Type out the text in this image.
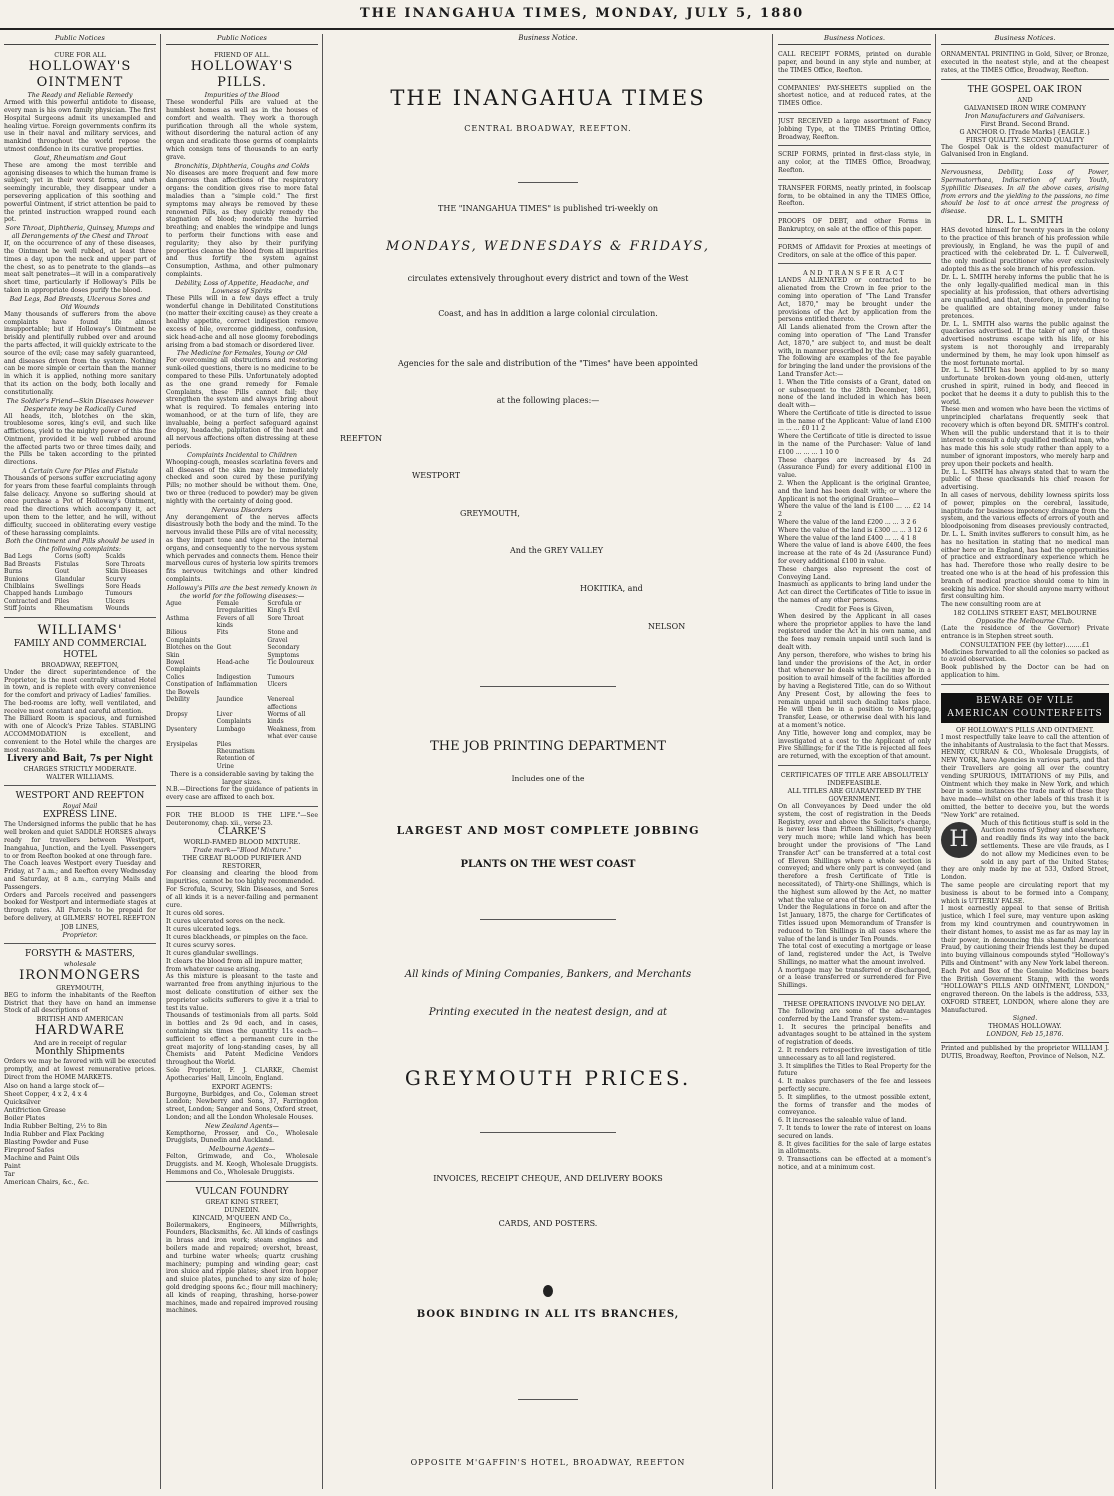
THE INANGAHUA TIMES, MONDAY, JULY 5, 1880
Public Notices
CURE FOR ALL
HOLLOWAY'S OINTMENT
The Ready and Reliable Remedy
Armed with this powerful antidote to disease, every man is his own family physician. The first Hospital Surgeons admit its unexampled and healing virtue. Foreign governments confirm its use in their naval and military services, and mankind throughout the world repose the utmost confidence in its curative properties.
Gout, Rheumatism and Gout
These are among the most terrible and agonising diseases to which the human frame is subject; yet in their worst forms, and when seemingly incurable, they disappear under a persevering application of this soothing and powerful Ointment, if strict attention be paid to the printed instruction wrapped round each pot.
Sore Throat, Diphtheria, Quinsey, Mumps and all Derangements of the Chest and Throat
If, on the occurrence of any of these diseases, the Ointment be well rubbed, at least three times a day, upon the neck and upper part of the chest, so as to penetrate to the glands—as meat salt penetrates—it will in a comparatively short time, particularly if Holloway's Pills be taken in appropriate doses purify the blood.
Bad Legs, Bad Breasts, Ulcerous Sores and Old Wounds
Many thousands of sufferers from the above complaints have found life almost insupportable; but if Holloway's Ointment be briskly and plentifully rubbed over and around the parts affected, it will quickly extricate to the source of the evil; case may safely guaranteed, and diseases driven from the system. Nothing can be more simple or certain than the manner in which it is applied, nothing more sanitary that its action on the body, both locally and constitutionally.
The Soldier's Friend—Skin Diseases however Desperate may be Radically Cured
All heads, itch, blotches on the skin, troublesome sores, king's evil, and such like afflictions, yield to the mighty power of this fine Ointment, provided it be well rubbed around the affected parts two or three times daily, and the Pills be taken according to the printed directions.
A Certain Cure for Piles and Fistula
Thousands of persons suffer excruciating agony for years from these fearful complaints through false delicacy. Anyone so suffering should at once purchase a Pot of Holloway's Ointment, read the directions which accompany it, act upon them to the letter, and he will, without difficulty, succeed in obliterating every vestige of these harassing complaints.
Both the Ointment and Pills should be used in the following complaints:
Bad Legs	Corns (soft)	Scalds
Bad Breasts	Fistulas	Sore Throats
Burns	Gout	Skin Diseases
Bunions	Glandular	Scurvy
Chilblains	Swellings	Sore Heads
Chapped hands Lumbago	Tumours
Contracted and Piles	Ulcers
Stiff Joints	Rheumatism	Wounds
WILLIAMS'
FAMILY AND COMMERCIAL HOTEL
BROADWAY, REEFTON,
Under the direct superintendence of the Proprietor, is the most centrally situated Hotel in town, and is replete with every convenience for the comfort and privacy of Ladies' families.
The bed-rooms are lofty, well ventilated, and receive most constant and careful attention.
The Billiard Room is spacious, and furnished with one of Alcock's Prize Tables. STABLING ACCOMMODATION is excellent, and convenient to the Hotel while the charges are most reasonable.
Livery and Bait, 7s per Night
CHARGES STRICTLY MODERATE.
WALTER WILLIAMS.
WESTPORT AND REEFTON
Royal Mail
EXPRESS LINE.
The Undersigned informs the public that he has well broken and quiet SADDLE HORSES always ready for travellers between Westport, Inangahua, Junction, and the Lyell. Passengers to or from Reefton booked at one through fare.
The Coach leaves Westport every Tuesday and Friday, at 7 a.m.; and Reefton every Wednesday and Saturday, at 8 a.m., carrying Mails and Passengers.
Orders and Parcels received and passengers booked for Westport and intermediate stages at through rates. All Parcels to be prepaid for before delivery, at GILMERS' HOTEL REEFTON
JOB LINES,
Proprietor.
FORSYTH & MASTERS,
wholesale
IRONMONGERS
GREYMOUTH,
BEG to inform the inhabitants of the Reefton District that they have on hand an immense Stock of all descriptions of
BRITISH AND AMERICAN
HARDWARE
And are in receipt of regular
Monthly Shipments
Orders we may be favored with will be executed promptly, and at lowest remunerative prices. Direct from the HOME MARKETS.
Also on hand a large stock of—
Sheet Copper, 4 x 2, 4 x 4
Quicksilver
Antifriction Grease
Boiler Plates
India Rubber Belting, 2½ to 8in
India Rubber and Flax Packing
Blasting Powder and Fuse
Fireproof Safes
Machine and Paint Oils
Paint
Tar
American Chairs, &c., &c.
Public Notices
FRIEND OF ALL.
HOLLOWAY'S PILLS.
Impurities of the Blood
These wonderful Pills are valued at the humblest homes as well as in the houses of comfort and wealth. They work a thorough purification through all the whole system, without disordering the natural action of any organ and eradicate those germs of complaints which consign tens of thousands to an early grave.
Bronchitis, Diphtheria, Coughs and Colds
No diseases are more frequent and few more dangerous than affections of the respiratory organs: the condition gives rise to more fatal maladies than a "simple cold." The first symptoms may always be removed by these renowned Pills, as they quickly remedy the stagnation of blood; moderate the hurried breathing; and enables the windpipe and lungs to perform their functions with ease and regularity; they also by their purifying properties cleanse the blood from all impurities and thus fortify the system against Consumption, Asthma, and other pulmonary complaints.
Debility, Loss of Appetite, Headache, and Lowness of Spirits
These Pills will in a few days effect a truly wonderful change in Debilitated Constitutions (no matter their exciting cause) as they create a healthy appetite, correct indigestion remove excess of bile, overcome giddiness, confusion, sick head-ache and all nose gloomy forebodings arising from a bad stomach or disordered liver.
The Medicine for Females, Young or Old
For overcoming all obstructions and restoring sunk-oiled questions, there is no medicine to be compared to these Pills. Unfortunately adopted as the one grand remedy for Female Complaints, these Pills cannot fail; they strengthen the system and always bring about what is required. To females entering into womanhood, or at the turn of life, they are invaluable, being a perfect safeguard against dropsy, headache, palpitation of the heart and all nervous affections often distressing at these periods.
Complaints Incidental to Children
Whooping-cough, measles scarlatina fevers and all diseases of the skin may be immediately checked and soon cured by these purifying Pills; no mother should be without them. One, two or three (reduced to powder) may be given nightly with the certainty of doing good.
Nervous Disorders
Any derangement of the nerves affects disastrously both the body and the mind. To the nervous invalid these Pills are of vital necessity, as they impart tone and vigor to the internal organs, and consequently to the nervous system which pervades and connects them. Hence their marvellous cures of hysteria low spirits tremors fits nervous twitchings and other kindred complaints.
Holloway's Pills are the best remedy known in the world for the following diseases:—
Ague	Female Irregularities
Scrofula or King's Evil
Asthma	Fevers of all kinds
Sore Throat
Bilious Complaints
Fits	Stone and Gravel
Blotches on the Skin
Gout	Secondary Symptoms
Bowel Complaints
Head-ache	Tic Douloureux
Colics	Indigestion	Tumours
Constipation of the Bowels
Inflammation	Ulcers
Debility	Jaundice	Venereal affections
Dropsy	Liver Complaints
Worms of all kinds
Dysentery	Lumbago	Weakness, from what ever cause
Erysipelas	Piles
Rheumatism
Retention of Urine
There is a considerable saving by taking the larger sizes.
N.B.—Directions for the guidance of patients in every case are affixed to each box.
FOR THE BLOOD IS THE LIFE."—See Deuteronomy, chap. xii., verse 23.
CLARKE'S
WORLD-FAMED BLOOD MIXTURE.
Trade mark—"Blood Mixture."
THE GREAT BLOOD PURIFIER AND RESTORER,
For cleansing and clearing the blood from impurities, cannot be too highly recommended.
For Scrofula, Scurvy, Skin Diseases, and Sores of all kinds it is a never-failing and permanent cure.
It cures old sores.
It cures ulcerated sores on the neck.
It cures ulcerated legs.
It cures blackheads, or pimples on the face.
It cures scurvy sores.
It cures glandular swellings.
It clears the blood from all impure matter, from whatever cause arising.
As this mixture is pleasant to the taste and warranted free from anything injurious to the most delicate constitution of either sex the proprietor solicits sufferers to give it a trial to test its value.
Thousands of testimonials from all parts. Sold in bottles and 2s 9d each, and in cases, containing six times the quantity 11s each—sufficient to effect a permanent cure in the great majority of long-standing cases, by all Chemists and Patent Medicine Vendors throughout the World.
Sole Proprietor, F. J. CLARKE, Chemist Apothecaries' Hall, Lincoln, England.
EXPORT AGENTS:
Burgoyne, Burbidges, and Co., Coleman street London; Newberry and Sons, 37, Farringdon street, London; Sanger and Sons, Oxford street, London; and all the London Wholesale Houses.
New Zealand Agents—
Kempthorne, Prosser, and Co., Wholesale Druggists, Dunedin and Auckland.
Melbourne Agents—
Felton, Grimwade, and Co., Wholesale Druggists. and M. Keogh, Wholesale Druggists. Hemmons and Co., Wholesale Druggists.
VULCAN FOUNDRY
GREAT KING STREET,
DUNEDIN.
KINCAID, M'QUEEN AND Co.,
Boilermakers, Engineers, Millwrights, Founders, Blacksmiths, &c. All kinds of castings in brass and iron work; steam engines and boilers made and repaired; overshot, breast, and turbine water wheels; quartz crushing machinery; pumping and winding gear; cast iron sluice and ripple plates; sheet iron hopper and sluice plates, punched to any size of hole; gold dredging spoons &c.; flour mill machinery; all kinds of reaping, thrashing, horse-power machines, made and repaired improved rousing machines.
Business Notice.
THE INANGAHUA TIMES
CENTRAL BROADWAY, REEFTON.
THE "INANGAHUA TIMES" is published tri-weekly on
MONDAYS, WEDNESDAYS & FRIDAYS,
circulates extensively throughout every district and town of the West
Coast, and has in addition a large colonial circulation.
Agencies for the sale and distribution of the "Times" have been appointed
at the following places:—
REEFTON
WESTPORT
GREYMOUTH,
And the GREY VALLEY
HOKITIKA, and
NELSON
THE JOB PRINTING DEPARTMENT
Includes one of the
LARGEST AND MOST COMPLETE JOBBING
PLANTS ON THE WEST COAST
All kinds of Mining Companies, Bankers, and Merchants
Printing executed in the neatest design, and at
GREYMOUTH PRICES.
INVOICES, RECEIPT CHEQUE, AND DELIVERY BOOKS
CARDS, AND POSTERS.
BOOK BINDING IN ALL ITS BRANCHES,
OPPOSITE M'GAFFIN'S HOTEL, BROADWAY, REEFTON
Business Notices.
CALL RECEIPT FORMS, printed on durable paper, and bound in any style and number, at the TIMES Office, Reefton.
COMPANIES' PAY-SHEETS supplied on the shortest notice, and at reduced rates, at the TIMES Office.
JUST RECEIVED a large assortment of Fancy Jobbing Type, at the TIMES Printing Office, Broadway, Reefton.
SCRIP FORMS, printed in first-class style, in any color, at the TIMES Office, Broadway, Reefton.
TRANSFER FORMS, neatly printed, in foolscap form, to be obtained in any the TIMES Office, Reefton.
PROOFS OF DEBT, and other Forms in Bankruptcy, on sale at the office of this paper.
FORMS of Affidavit for Proxies at meetings of Creditors, on sale at the office of this paper.
AND TRANSFER ACT
LANDS ALIENATED or contracted to be alienated from the Crown in fee prior to the coming into operation of "The Land Transfer Act, 1870," may be brought under the provisions of the Act by application from the persons entitled thereto.
All Lands alienated from the Crown after the coming into operation of "The Land Transfer Act, 1870," are subject to, and must be dealt with, in manner prescribed by the Act.
The following are examples of the fee payable for bringing the land under the provisions of the Land Transfer Act:—
1. When the Title consists of a Grant, dated on or subsequent to the 28th December, 1861, none of the land included in which has been dealt with—
Where the Certificate of title is directed to issue in the name of the Applicant: Value of land £100 ... ... ... £0 11 2
Where the Certificate of title is directed to issue in the name of the Purchaser: Value of land £100 ... ... ... 1 10 0
These charges are increased by 4s 2d (Assurance Fund) for every additional £100 in value.
2. When the Applicant is the original Grantee, and the land has been dealt with; or where the Applicant is not the original Grantee—
Where the value of the land is £100 ... ... £2 14 2
Where the value of the land £200 ... ... 3 2 6
Where the value of the land is £300 ... ... 3 12 6
Where the value of the land £400 ... ... 4 1 8
Where the value of land is above £400, the fees increase at the rate of 4s 2d (Assurance Fund) for every additional £100 in value.
These charges also represent the cost of Conveying Land.
Inasmuch as applicants to bring land under the Act can direct the Certificates of Title to issue in the names of any other persons.
Credit for Fees is Given,
When desired by the Applicant in all cases where the proprietor applies to have the land registered under the Act in his own name, and the fees may remain unpaid until such land is dealt with.
Any person, therefore, who wishes to bring his land under the provisions of the Act, in order that whenever he deals with it he may be in a position to avail himself of the facilities afforded by having a Registered Title, can do so Without Any Present Cost, by allowing the fees to remain unpaid until such dealing takes place. He will then be in a position to Mortgage, Transfer, Lease, or otherwise deal with his land at a moment's notice.
Any Title, however long and complex, may be investigated at a cost to the Applicant of only Five Shillings; for if the Title is rejected all fees are returned, with the exception of that amount.
CERTIFICATES OF TITLE ARE ABSOLUTELY INDEFEASIBLE.
ALL TITLES ARE GUARANTEED BY THE GOVERNMENT.
On all Conveyances by Deed under the old system, the cost of registration in the Deeds Registry, over and above the Solicitor's charge, is never less than Fifteen Shillings, frequently very much more; while land which has been brought under the provisions of "The Land Transfer Act" can be transferred at a total cost of Eleven Shillings where a whole section is conveyed; and where only part is conveyed (and therefore a fresh Certificate of Title is necessitated), of Thirty-one Shillings, which is the highest sum allowed by the Act, no matter what the value or area of the land.
Under the Regulations in force on and after the 1st January, 1875, the charge for Certificates of Titles issued upon Memorandum of Transfer is reduced to Ten Shillings in all cases where the value of the land is under Ten Pounds.
The total cost of executing a mortgage or lease of land, registered under the Act, is Twelve Shillings, no matter what the amount involved.
A mortgage may be transferred or discharged, or a lease transferred or surrendered for Five Shillings.
THESE OPERATIONS INVOLVE NO DELAY.
The following are some of the advantages conferred by the Land Transfer system:—
1. It secures the principal benefits and advantages sought to be attained in the system of registration of deeds.
2. It renders retrospective investigation of title unnecessary as to all land registered.
3. It simplifies the Titles to Real Property for the future
4. It makes purchasers of the fee and lessees perfectly secure.
5. It simplifies, to the utmost possible extent, the forms of transfer and the modes of conveyance.
6. It increases the saleable value of land.
7. It tends to lower the rate of interest on loans secured on lands.
8. It gives facilities for the sale of large estates in allotments.
9. Transactions can be effected at a moment's notice, and at a minimum cost.
Business Notices.
ORNAMENTAL PRINTING in Gold, Silver, or Bronze, executed in the neatest style, and at the cheapest rates, at the TIMES Office, Broadway, Reefton.
THE GOSPEL OAK IRON
AND
GALVANISED IRON WIRE COMPANY
Iron Manufacturers and Galvanisers.
First Brand. Second Brand.
G ANCHOR O. [Trade Marks] {EAGLE.}
FIRST QUALITY. SECOND QUALITY
The Gospel Oak is the oldest manufacturer of Galvanised Iron in England.
Nervousness, Debility, Loss of Power, Spermatorrhœa, Indiscretion of early Youth, Syphilitic Diseases. In all the above cases, arising from errors and the yielding to the passions, no time should be lost to at once arrest the progress of disease.
DR. L. L. SMITH
HAS devoted himself for twenty years in the colony to the practice of this branch of his profession while previously, in England, he was the pupil of and practiced with the celebrated Dr. L. T. Culverwell, the only medical practitioner who ever exclusively adopted this as the sole branch of his profession.
Dr. L. L. SMITH hereby informs the public that he is the only legally-qualified medical man in this speciality at his profession, that others advertising are unqualified, and that, therefore, in pretending to be qualified are obtaining money under false pretences.
Dr. L. L. SMITH also warns the public against the quackeries advertised. If the taker of any of these advertised nostrums escape with his life, or his system is not thoroughly and irreparably undermined by them, he may look upon himself as the most fortunate mortal.
Dr. L. L. SMITH has been applied to by so many unfortunate broken-down young old-men, utterly crushed in spirit, ruined in body, and fleeced in pocket that he deems it a duty to publish this to the world.
These men and women who have been the victims of unprincipled charlatans frequently seek that recovery which is often beyond DR. SMITH's control. When will the public understand that it is to their interest to consult a duly qualified medical man, who has made this his sole study rather than apply to a number of ignorant impostors, who merely harp and prey upon their pockets and health.
Dr. L. L. SMITH has always stated that to warn the public of these quacksands his chief reason for advertising.
In all cases of nervous, debility lowness spirits loss of power, pimples on the cerebral, lassitude, inaptitude for business impotency drainage from the system, and the various effects of errors of youth and bloodpoisoning from diseases previously contracted, Dr. L. L. Smith invites sufferers to consult him, as he has no hesitation in stating that no medical man either here or in England, has had the opportunities of practice and extraordinary experience which he has had. Therefore those who really desire to be treated one who is at the head of his profession this branch of medical practice should come to him in seeking his advice. Nor should anyone marry without first consulting him.
The new consulting room are at
182 COLLINS STREET EAST, MELBOURNE
Opposite the Melbourne Club.
(Late the residence of the Governor) Private entrance is in Stephen street south.
CONSULTATION FEE (by letter)........£1
Medicines forwarded to all the colonies so packed as to avoid observation.
Book published by the Doctor can be had on application to him.
BEWARE OF VILE
AMERICAN COUNTERFEITS
OF HOLLOWAY'S PILLS AND OINTMENT.
I most respectfully take leave to call the attention of the inhabitants of Australasia to the fact that Messrs. HENRY, CURRAN & CO., Wholesale Druggists, of NEW YORK, have Agencies in various parts, and that their Travellers are going all over the country vending SPURIOUS, IMITATIONS of my Pills, and Ointment which they make in New York, and which bear in some instances the trade mark of these they have made—whilst on other labels of this trash it is omitted, the better to deceive you, but the words "New York" are retained.
H
Much of this fictitious stuff is sold in the Auction rooms of Sydney and elsewhere, and readily finds its way into the back settlements. These are vile frauds, as I do not allow my Medicines even to be sold in any part of the United States; they are only made by me at 533, Oxford Street, London.
The same people are circulating report that my business is about to be formed into a Company, which is UTTERLY FALSE.
I most earnestly appeal to that sense of British justice, which I feel sure, may venture upon asking from my kind countrymen and countrywomen in their distant homes, to assist me as far as may lay in their power, in denouncing this shameful American Fraud, by cautioning their friends lest they be duped into buying villainous compounds styled "Holloway's Pills and Ointment" with any New York label thereon.
Each Pot and Box of the Genuine Medicines bears the British Government Stamp, with the words "HOLLOWAY'S PILLS AND OINTMENT, LONDON," engraved thereon. On the labels is the address, 533, OXFORD STREET, LONDON, where alone they are Manufactured.
Signed.
THOMAS HOLLOWAY.
LONDON, Feb 15,1876.
Printed and published by the proprietor WILLIAM J. DUTIS, Broadway, Reefton, Province of Nelson, N.Z.
